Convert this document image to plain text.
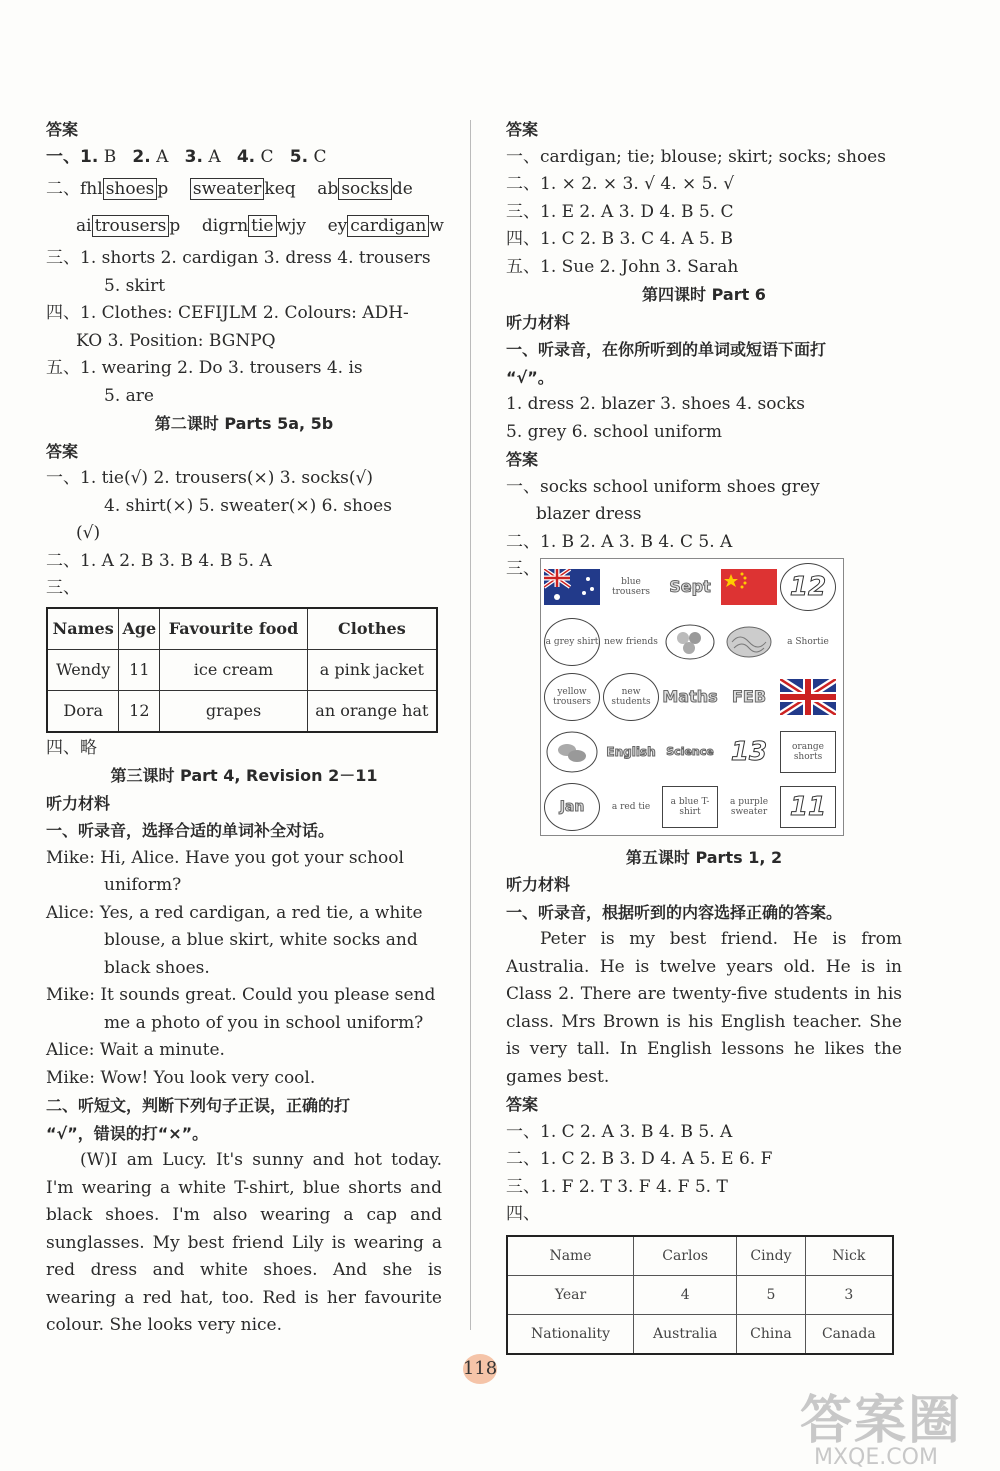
答案
一、1. B 2. A 3. A 4. C 5. C
二、fhl shoes p sweater keq ab socks de
ai trousers p digrn tie wjy ey cardigan w
三、1. shorts 2. cardigan 3. dress 4. trousers
5. skirt
四、1. Clothes: CEFIJLM 2. Colours: ADH-
KO 3. Position: BGNPQ
五、1. wearing 2. Do 3. trousers 4. is
5. are
第二课时 Parts 5a, 5b
答案
一、1. tie(√) 2. trousers(×) 3. socks(√)
4. shirt(×) 5. sweater(×) 6. shoes
(√)
二、1. A 2. B 3. B 4. B 5. A
三、
Names	Age	Favourite food	Clothes
Wendy	11	ice cream	a pink jacket
Dora	12	grapes	an orange hat
四、略
第三课时 Part 4, Revision 2－11
听力材料
一、听录音，选择合适的单词补全对话。
Mike: Hi, Alice. Have you got your school
uniform?
Alice: Yes, a red cardigan, a red tie, a white
blouse, a blue skirt, white socks and
black shoes.
Mike: It sounds great. Could you please send
me a photo of you in school uniform?
Alice: Wait a minute.
Mike: Wow! You look very cool.
二、听短文，判断下列句子正误，正确的打
“√”，错误的打“×”。
(W)I am Lucy. It's sunny and hot today. I'm wearing a white T-shirt, blue shorts and black shoes. I'm also wearing a cap and sunglasses. My best friend Lily is wearing a red dress and white shoes. And she is wearing a red hat, too. Red is her favourite colour. She looks very nice.
答案
一、cardigan; tie; blouse; skirt; socks; shoes
二、1. × 2. × 3. √ 4. × 5. √
三、1. E 2. A 3. D 4. B 5. C
四、1. C 2. B 3. C 4. A 5. B
五、1. Sue 2. John 3. Sarah
第四课时 Part 6
听力材料
一、听录音，在你所听到的单词或短语下面打
“√”。
1. dress 2. blazer 3. shoes 4. socks
5. grey 6. school uniform
答案
一、socks school uniform shoes grey
blazer dress
二、1. B 2. A 3. B 4. C 5. A
三、
blue trousers	Sept	12
a grey shirt new friends	a Shortie
yellow trousers
new students Maths FEB
English Science 13	orange shorts
Jan	a red tie	a blue T-shirt
a purple sweater 11
第五课时 Parts 1, 2
听力材料
一、听录音，根据听到的内容选择正确的答案。
Peter is my best friend. He is from Australia. He is twelve years old. He is in Class 2. There are twenty-five students in his class. Mrs Brown is his English teacher. She is very tall. In English lessons he likes the games best.
答案
一、1. C 2. A 3. B 4. B 5. A
二、1. C 2. B 3. D 4. A 5. E 6. F
三、1. F 2. T 3. F 4. F 5. T
四、
Name	Carlos	Cindy	Nick
Year	4	5	3
Nationality	Australia	China	Canada
118
答案圈
MXQE.COM
